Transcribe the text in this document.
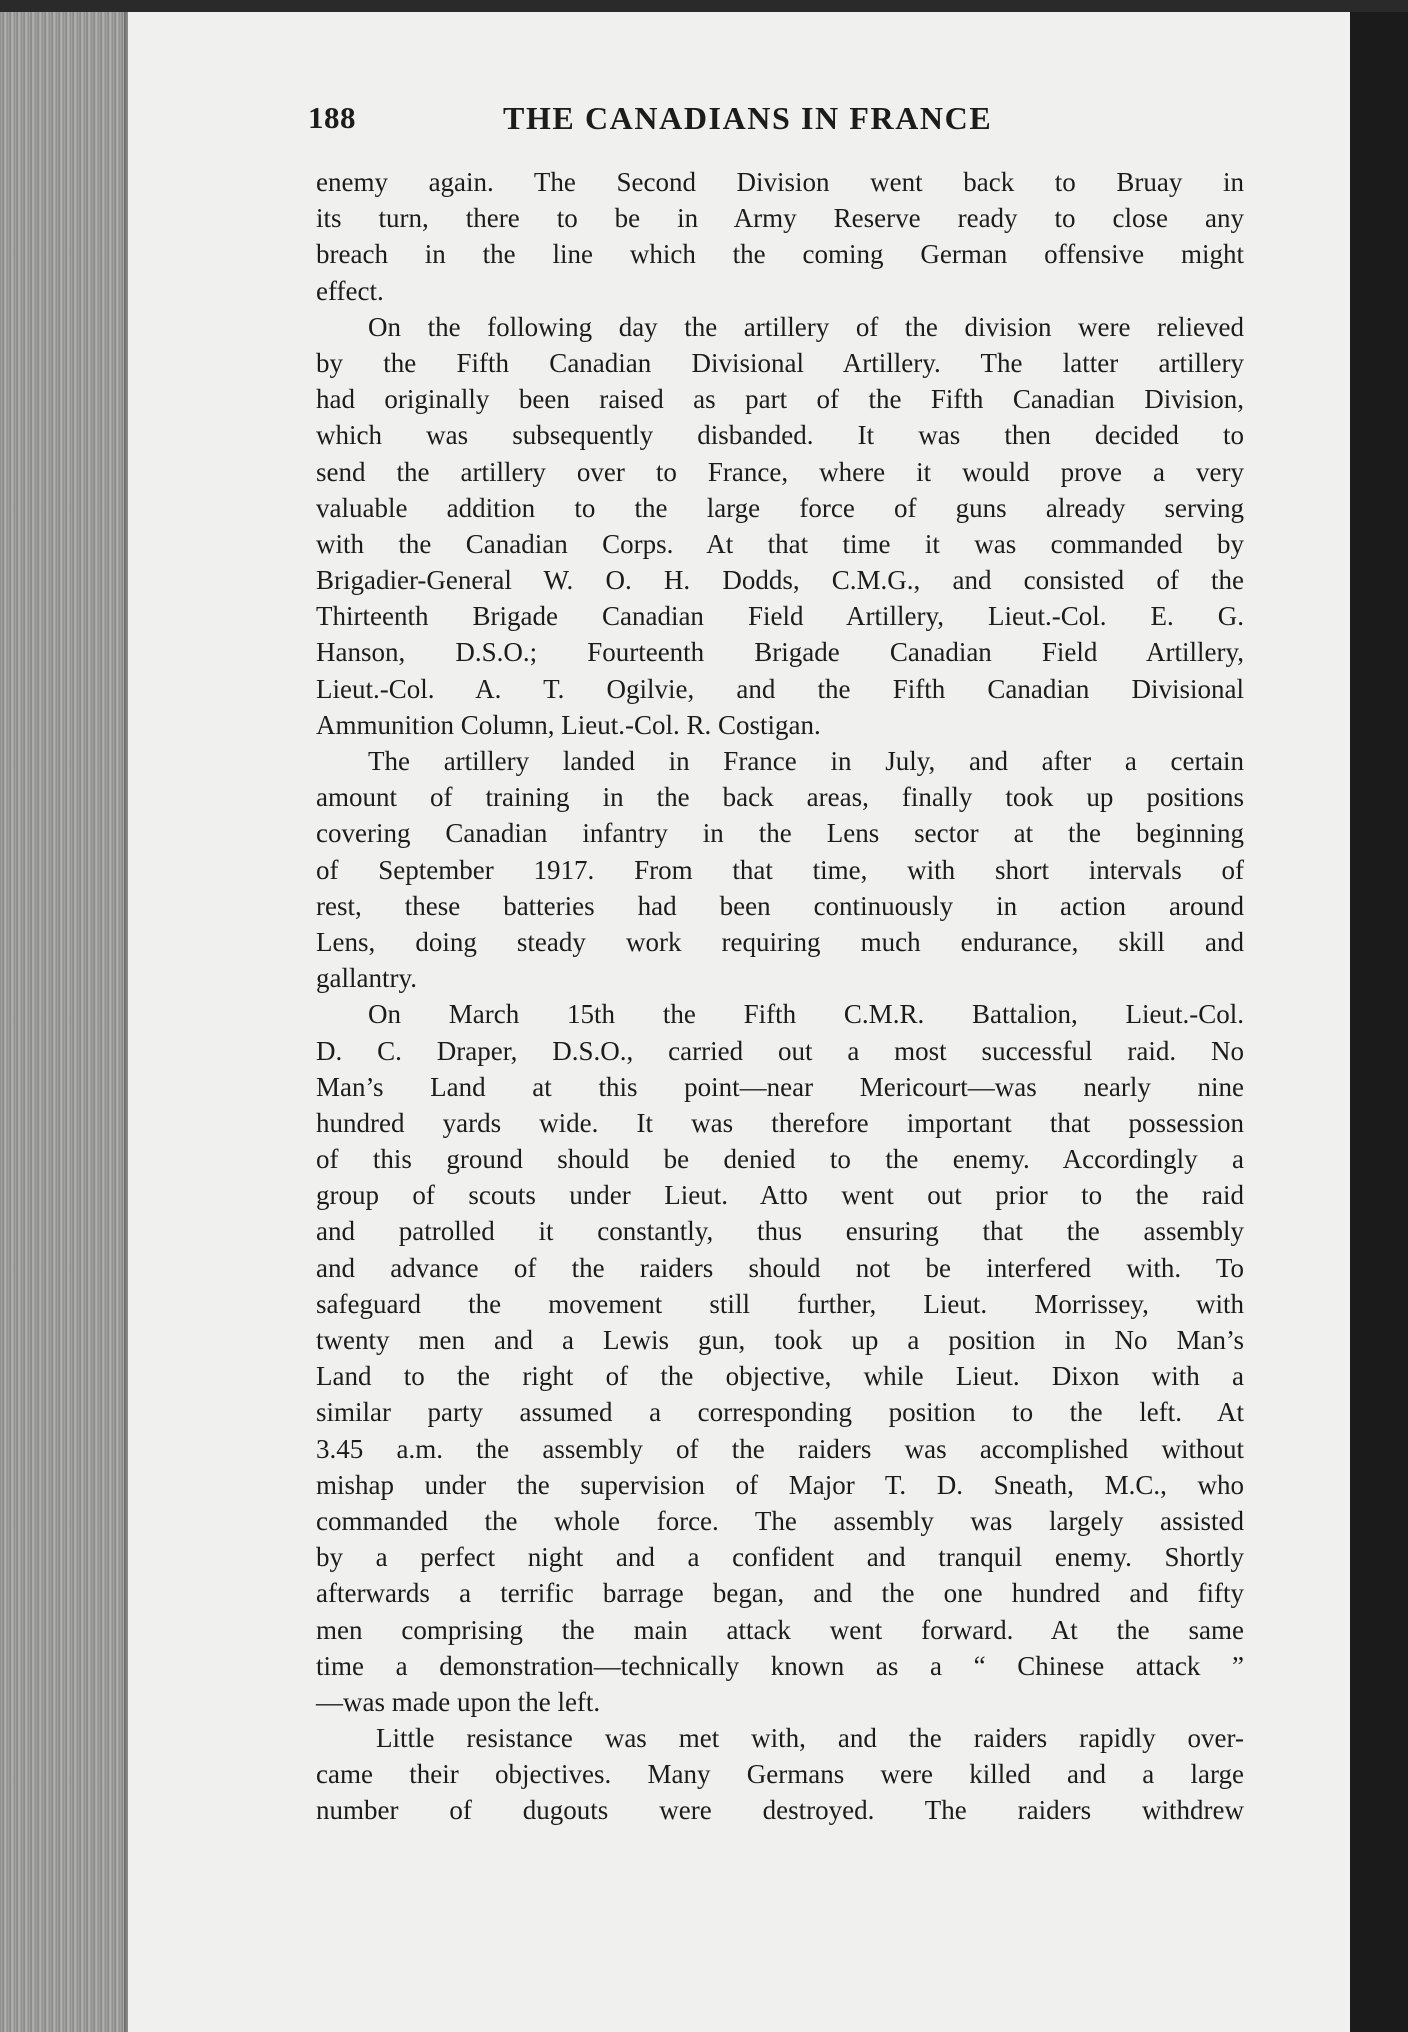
188	THE CANADIANS IN FRANCE
enemy again. The Second Division went back to Bruay in
its turn, there to be in Army Reserve ready to close any
breach in the line which the coming German offensive might
effect.
On the following day the artillery of the division were relieved
by the Fifth Canadian Divisional Artillery. The latter artillery
had originally been raised as part of the Fifth Canadian Division,
which was subsequently disbanded. It was then decided to
send the artillery over to France, where it would prove a very
valuable addition to the large force of guns already serving
with the Canadian Corps. At that time it was commanded by
Brigadier-General W. O. H. Dodds, C.M.G., and consisted of the
Thirteenth Brigade Canadian Field Artillery, Lieut.-Col. E. G.
Hanson, D.S.O.; Fourteenth Brigade Canadian Field Artillery,
Lieut.-Col. A. T. Ogilvie, and the Fifth Canadian Divisional
Ammunition Column, Lieut.-Col. R. Costigan.
The artillery landed in France in July, and after a certain
amount of training in the back areas, finally took up positions
covering Canadian infantry in the Lens sector at the beginning
of September 1917. From that time, with short intervals of
rest, these batteries had been continuously in action around
Lens, doing steady work requiring much endurance, skill and
gallantry.
On March 15th the Fifth C.M.R. Battalion, Lieut.-Col.
D. C. Draper, D.S.O., carried out a most successful raid. No
Man’s Land at this point—near Mericourt—was nearly nine
hundred yards wide. It was therefore important that possession
of this ground should be denied to the enemy. Accordingly a
group of scouts under Lieut. Atto went out prior to the raid
and patrolled it constantly, thus ensuring that the assembly
and advance of the raiders should not be interfered with. To
safeguard the movement still further, Lieut. Morrissey, with
twenty men and a Lewis gun, took up a position in No Man’s
Land to the right of the objective, while Lieut. Dixon with a
similar party assumed a corresponding position to the left. At
3.45 a.m. the assembly of the raiders was accomplished without
mishap under the supervision of Major T. D. Sneath, M.C., who
commanded the whole force. The assembly was largely assisted
by a perfect night and a confident and tranquil enemy. Shortly
afterwards a terrific barrage began, and the one hundred and fifty
men comprising the main attack went forward. At the same
time a demonstration—technically known as a “ Chinese attack ”
—was made upon the left.
Little resistance was met with, and the raiders rapidly over-
came their objectives. Many Germans were killed and a large
number of dugouts were destroyed. The raiders withdrew
